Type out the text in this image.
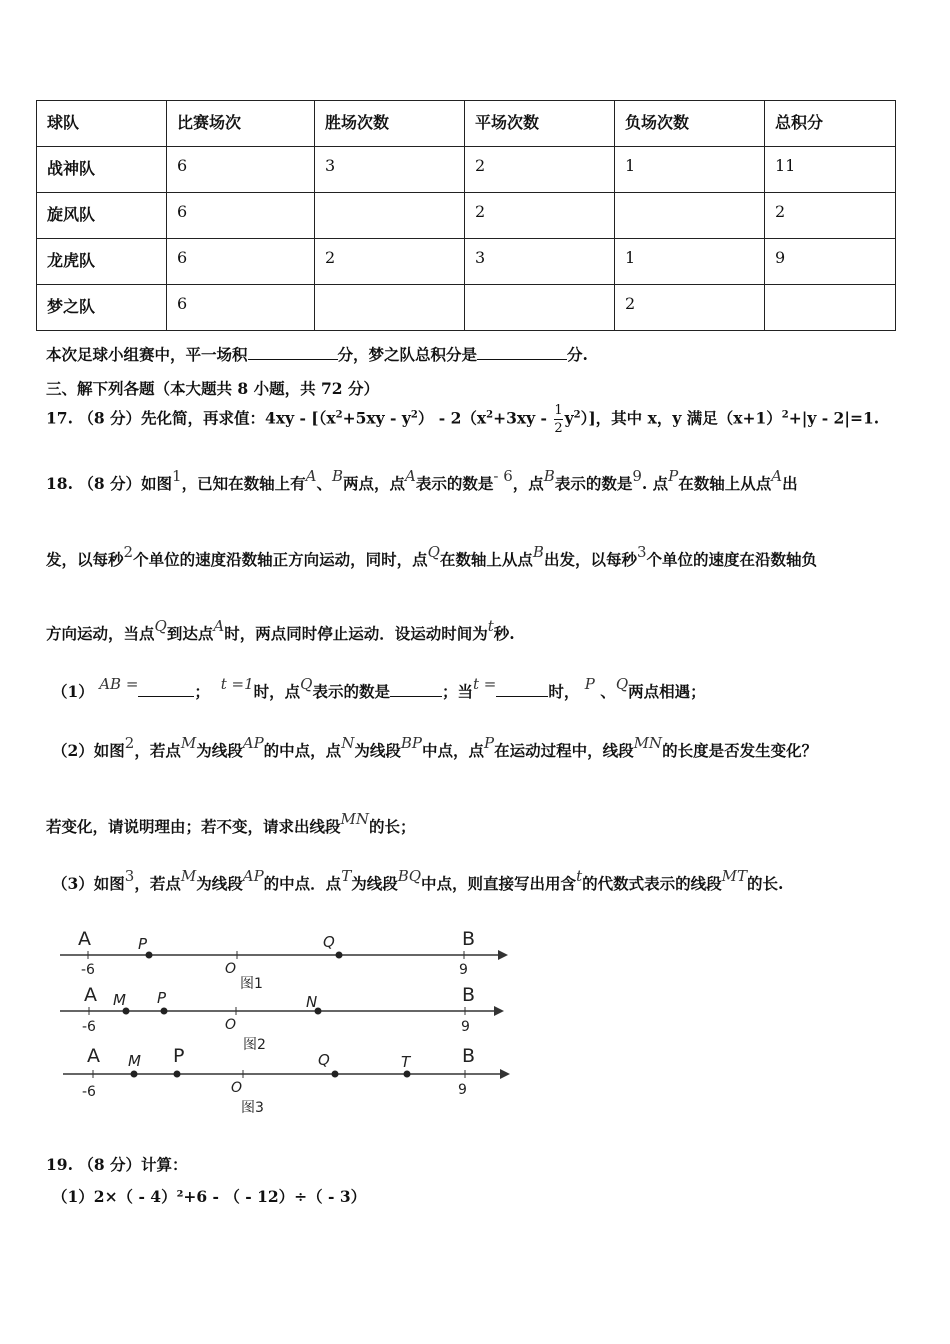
球队	比赛场次	胜场次数	平场次数	负场次数	总积分
战神队	6	3	2	1	11
旋风队	6		2		2
龙虎队	6	2	3	1	9
梦之队	6			2	
本次足球小组赛中，平一场积	分，梦之队总积分是	分.
三、解下列各题（本大题共 8 小题，共 72 分）
17. （8 分）先化简，再求值：$4xy - [(x^2+5xy - y^2) - 2(x^2+3xy - \frac{1}{2} y^2)]$，其中 x，y 满足$(x+1)^2+|y - 2|=1$.
18. （8 分）如图1，已知在数轴上有A、B两点，点A表示的数是- 6，点B表示的数是9. 点P在数轴上从点A出
发，以每秒2个单位的速度沿数轴正方向运动，同时，点Q在数轴上从点B出发，以每秒3个单位的速度在沿数轴负
方向运动，当点Q到达点A时，两点同时停止运动．设运动时间为t秒.
（1） AB =	； t =1时，点Q表示的数是	；当t =	时， P 、Q两点相遇；
（2）如图2，若点M为线段AP的中点，点N为线段BP中点，点P在运动过程中，线段MN的长度是否发生变化？
若变化，请说明理由；若不变，请求出线段MN的长；
（3）如图3，若点M为线段AP的中点．点T为线段BQ中点，则直接写出用含t的代数式表示的线段MT的长.
A	P	Q	B
O
-6	9
图1
A M P	N	B
O
-6	9
图2
A M P	Q	T	B
O
-6	9
图3
19. （8 分）计算：
（1）2×（ - 4）²+6 - （ - 12）÷（ - 3）
